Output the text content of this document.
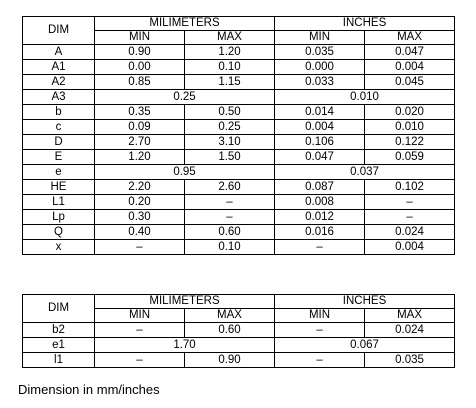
DIM	MILIMETERS		INCHES	
	MIN	MAX	MIN	MAX
A	0.90	1.20	0.035	0.047
A1	0.00	0.10	0.000	0.004
A2	0.85	1.15	0.033	0.045
A3	0.25		0.010	
b	0.35	0.50	0.014	0.020
c	0.09	0.25	0.004	0.010
D	2.70	3.10	0.106	0.122
E	1.20	1.50	0.047	0.059
e	0.95		0.037	
HE	2.20	2.60	0.087	0.102
L1	0.20	–	0.008	–
Lp	0.30	–	0.012	–
Q	0.40	0.60	0.016	0.024
x	–	0.10	–	0.004
DIM	MILIMETERS		INCHES	
	MIN	MAX	MIN	MAX
b2	–	0.60	–	0.024
e1	1.70		0.067	
l1	–	0.90	–	0.035
Dimension in mm/inches
